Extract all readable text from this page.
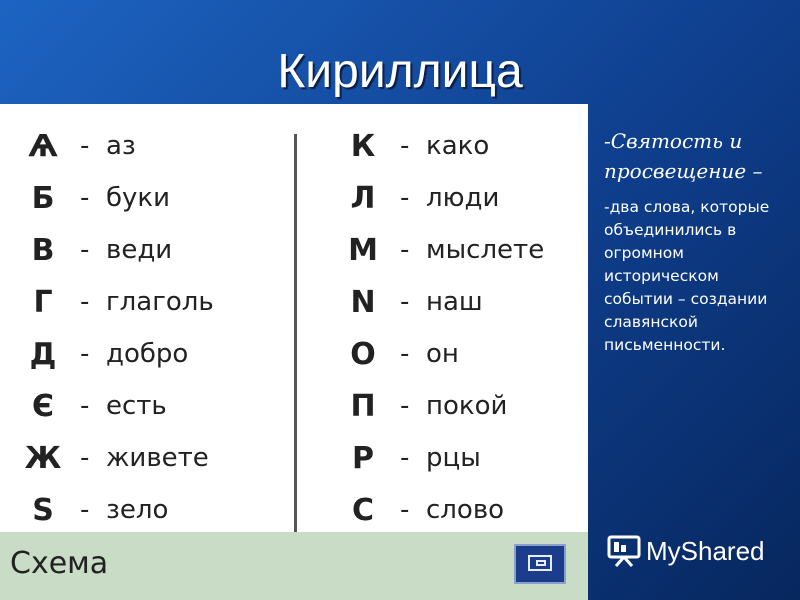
Кириллица
Ѧ - аз
Б - буки
В - веди
Г	- глаголь
Д - добро
Є - есть
Ж - живете
Ѕ	- зело
К - како
Л - люди
М - мыслете
N - наш
О - он
П - покой
Р	- рцы
С - слово
Схема

-Святость и просвещение –

-два слова, которые объединились в огромном историческом событии – создании славянской письменности.

MyShared
